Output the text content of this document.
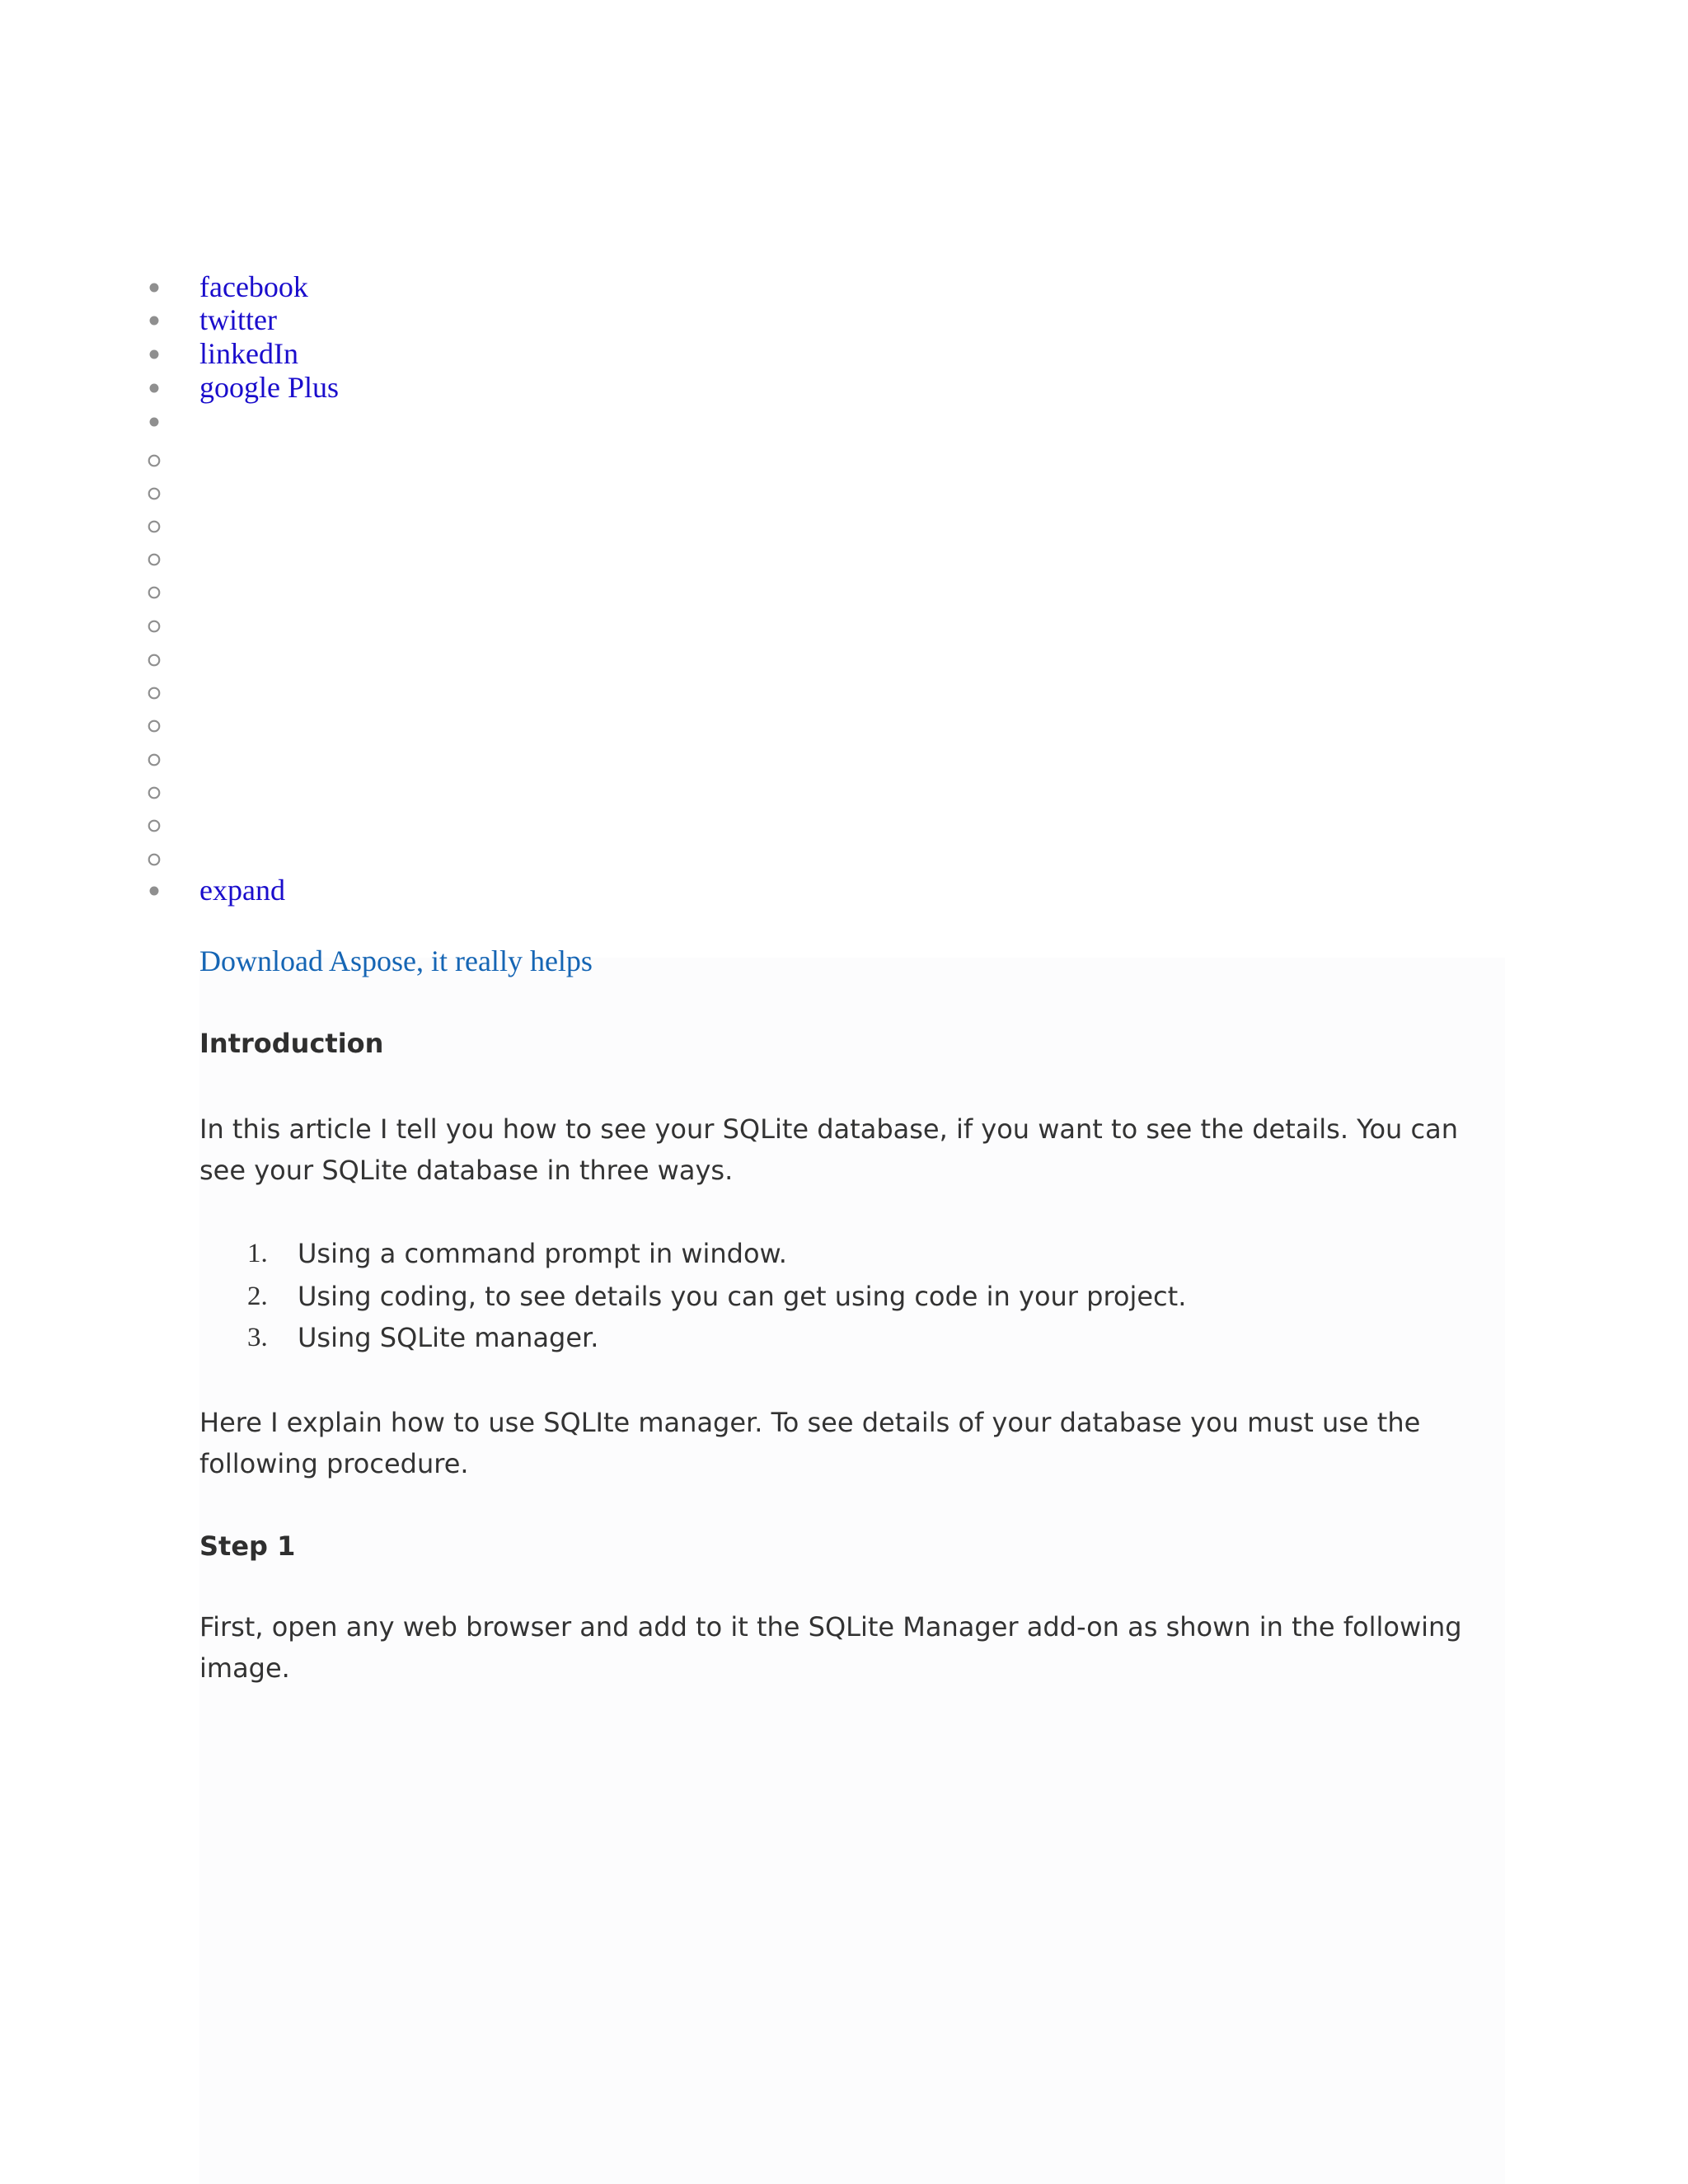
facebook
twitter
linkedIn
google Plus
expand
Download Aspose, it really helps
Introduction
In this article I tell you how to see your SQLite database, if you want to see the details. You can see your SQLite database in three ways.
1. Using a command prompt in window.
2. Using coding, to see details you can get using code in your project.
3. Using SQLite manager.
Here I explain how to use SQLIte manager. To see details of your database you must use the following procedure.
Step 1
First, open any web browser and add to it the SQLite Manager add-on as shown in the following image.
